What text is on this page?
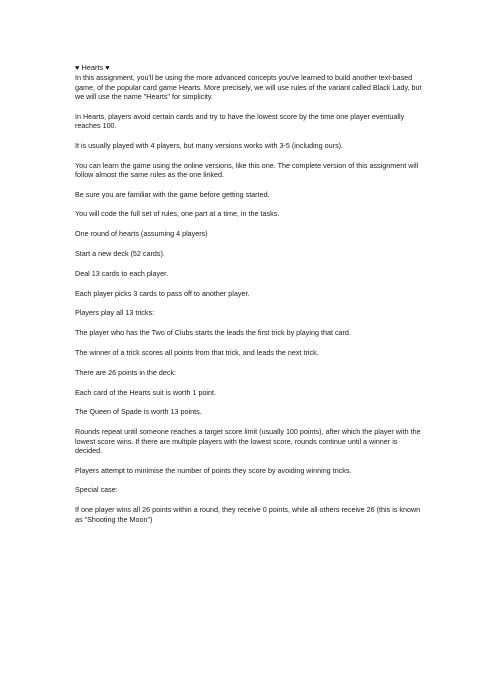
♥ Hearts ♥

In this assignment, you'll be using the more advanced concepts you've learned to build another text-based game, of the popular card game Hearts. More precisely, we will use rules of the variant called Black Lady, but we will use the name "Hearts" for simplicity.

In Hearts, players avoid certain cards and try to have the lowest score by the time one player eventually reaches 100.

It is usually played with 4 players, but many versions works with 3-5 (including ours).

You can learn the game using the online versions, like this one. The complete version of this assignment will follow almost the same rules as the one linked.

Be sure you are familiar with the game before getting started.

You will code the full set of rules, one part at a time, in the tasks.

One round of hearts (assuming 4 players)

Start a new deck (52 cards).

Deal 13 cards to each player.

Each player picks 3 cards to pass off to another player.

Players play all 13 tricks:

The player who has the Two of Clubs starts the leads the first trick by playing that card.

The winner of a trick scores all points from that trick, and leads the next trick.

There are 26 points in the deck:

Each card of the Hearts suit is worth 1 point.

The Queen of Spade is worth 13 points.

Rounds repeat until someone reaches a target score limit (usually 100 points), after which the player with the lowest score wins. If there are multiple players with the lowest score, rounds continue until a winner is decided.

Players attempt to minimise the number of points they score by avoiding winning tricks.

Special case:

If one player wins all 26 points within a round, they receive 0 points, while all others receive 26 (this is known as "Shooting the Moon")
